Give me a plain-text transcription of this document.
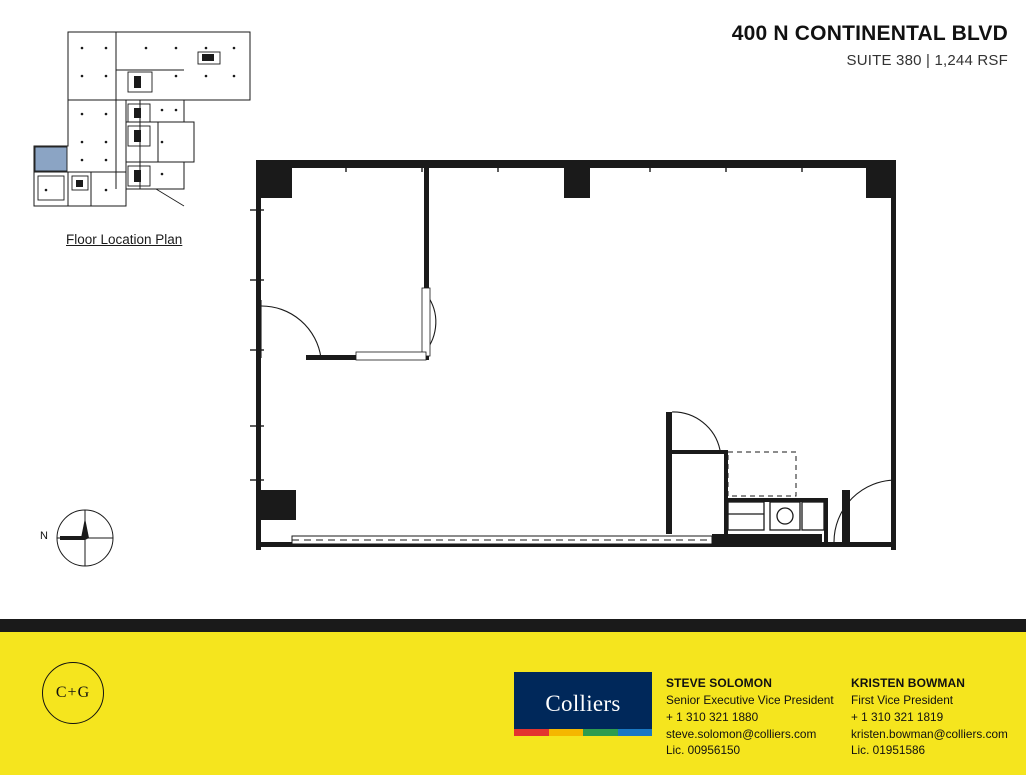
400 N CONTINENTAL BLVD
SUITE 380 | 1,244 RSF
Floor Location Plan
N
C+G	Colliers
STEVE SOLOMON
Senior Executive Vice President
+ 1 310 321 1880
steve.solomon@colliers.com
Lic. 00956150
KRISTEN BOWMAN
First Vice President
+ 1 310 321 1819
kristen.bowman@colliers.com
Lic. 01951586
